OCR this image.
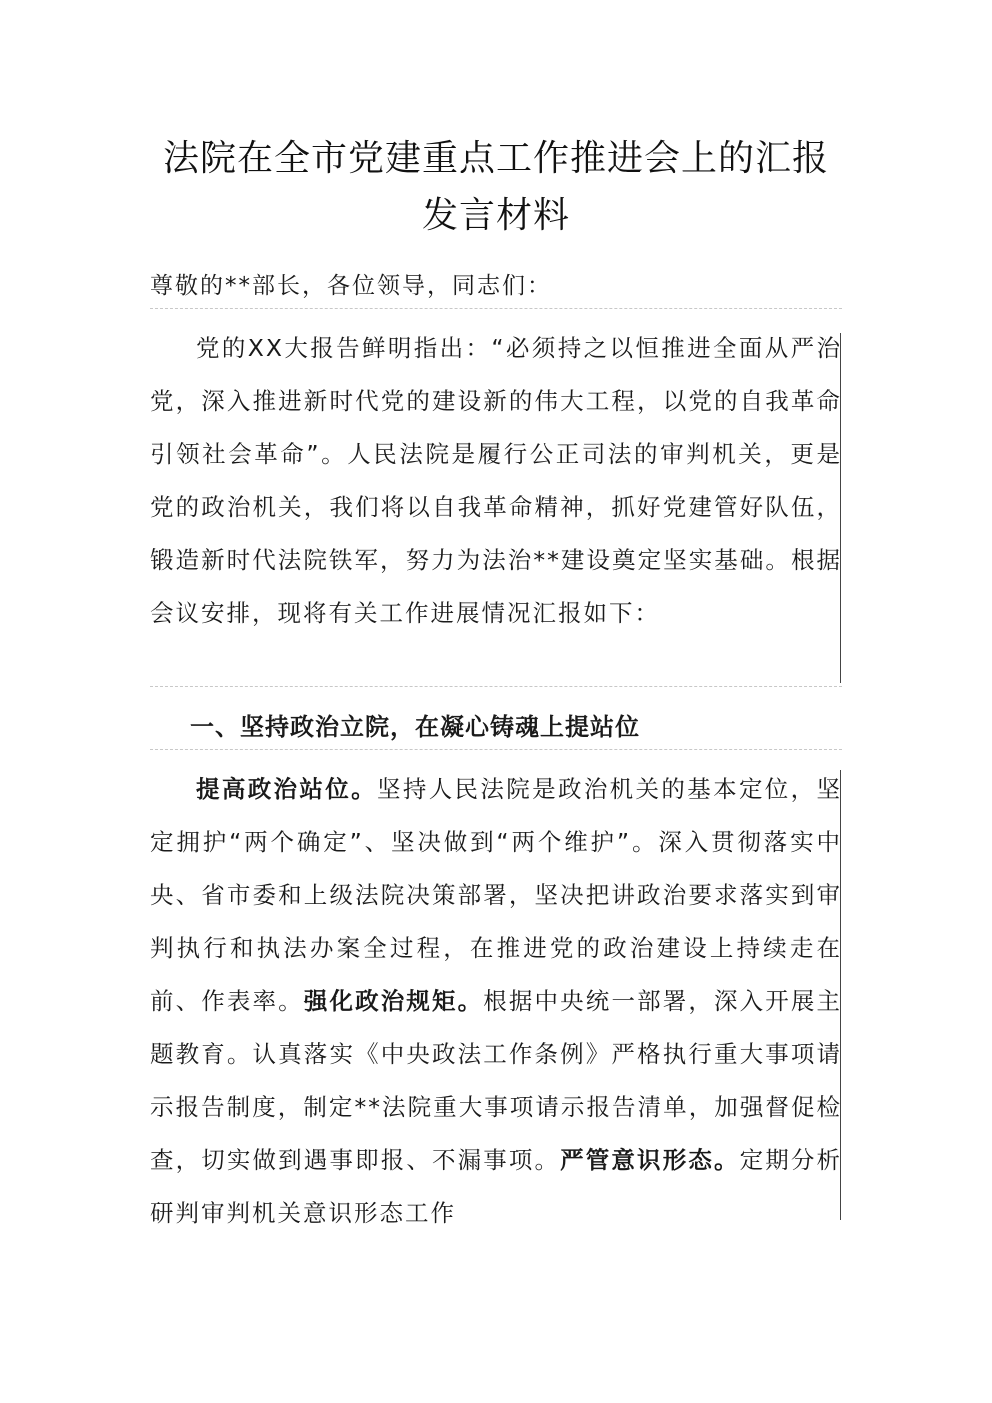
法院在全市党建重点工作推进会上的汇报发言材料
尊敬的**部长，各位领导，同志们：

党的XX大报告鲜明指出：“必须持之以恒推进全面从严治党，深入推进新时代党的建设新的伟大工程，以党的自我革命引领社会革命”。人民法院是履行公正司法的审判机关，更是党的政治机关，我们将以自我革命精神，抓好党建管好队伍，锻造新时代法院铁军，努力为法治**建设奠定坚实基础。根据会议安排，现将有关工作进展情况汇报如下：

一、坚持政治立院，在凝心铸魂上提站位

提高政治站位。坚持人民法院是政治机关的基本定位，坚定拥护“两个确定”、坚决做到“两个维护”。深入贯彻落实中央、省市委和上级法院决策部署，坚决把讲政治要求落实到审判执行和执法办案全过程，在推进党的政治建设上持续走在前、作表率。强化政治规矩。根据中央统一部署，深入开展主题教育。认真落实《中央政法工作条例》严格执行重大事项请示报告制度，制定**法院重大事项请示报告清单，加强督促检查，切实做到遇事即报、不漏事项。严管意识形态。定期分析研判审判机关意识形态工作
